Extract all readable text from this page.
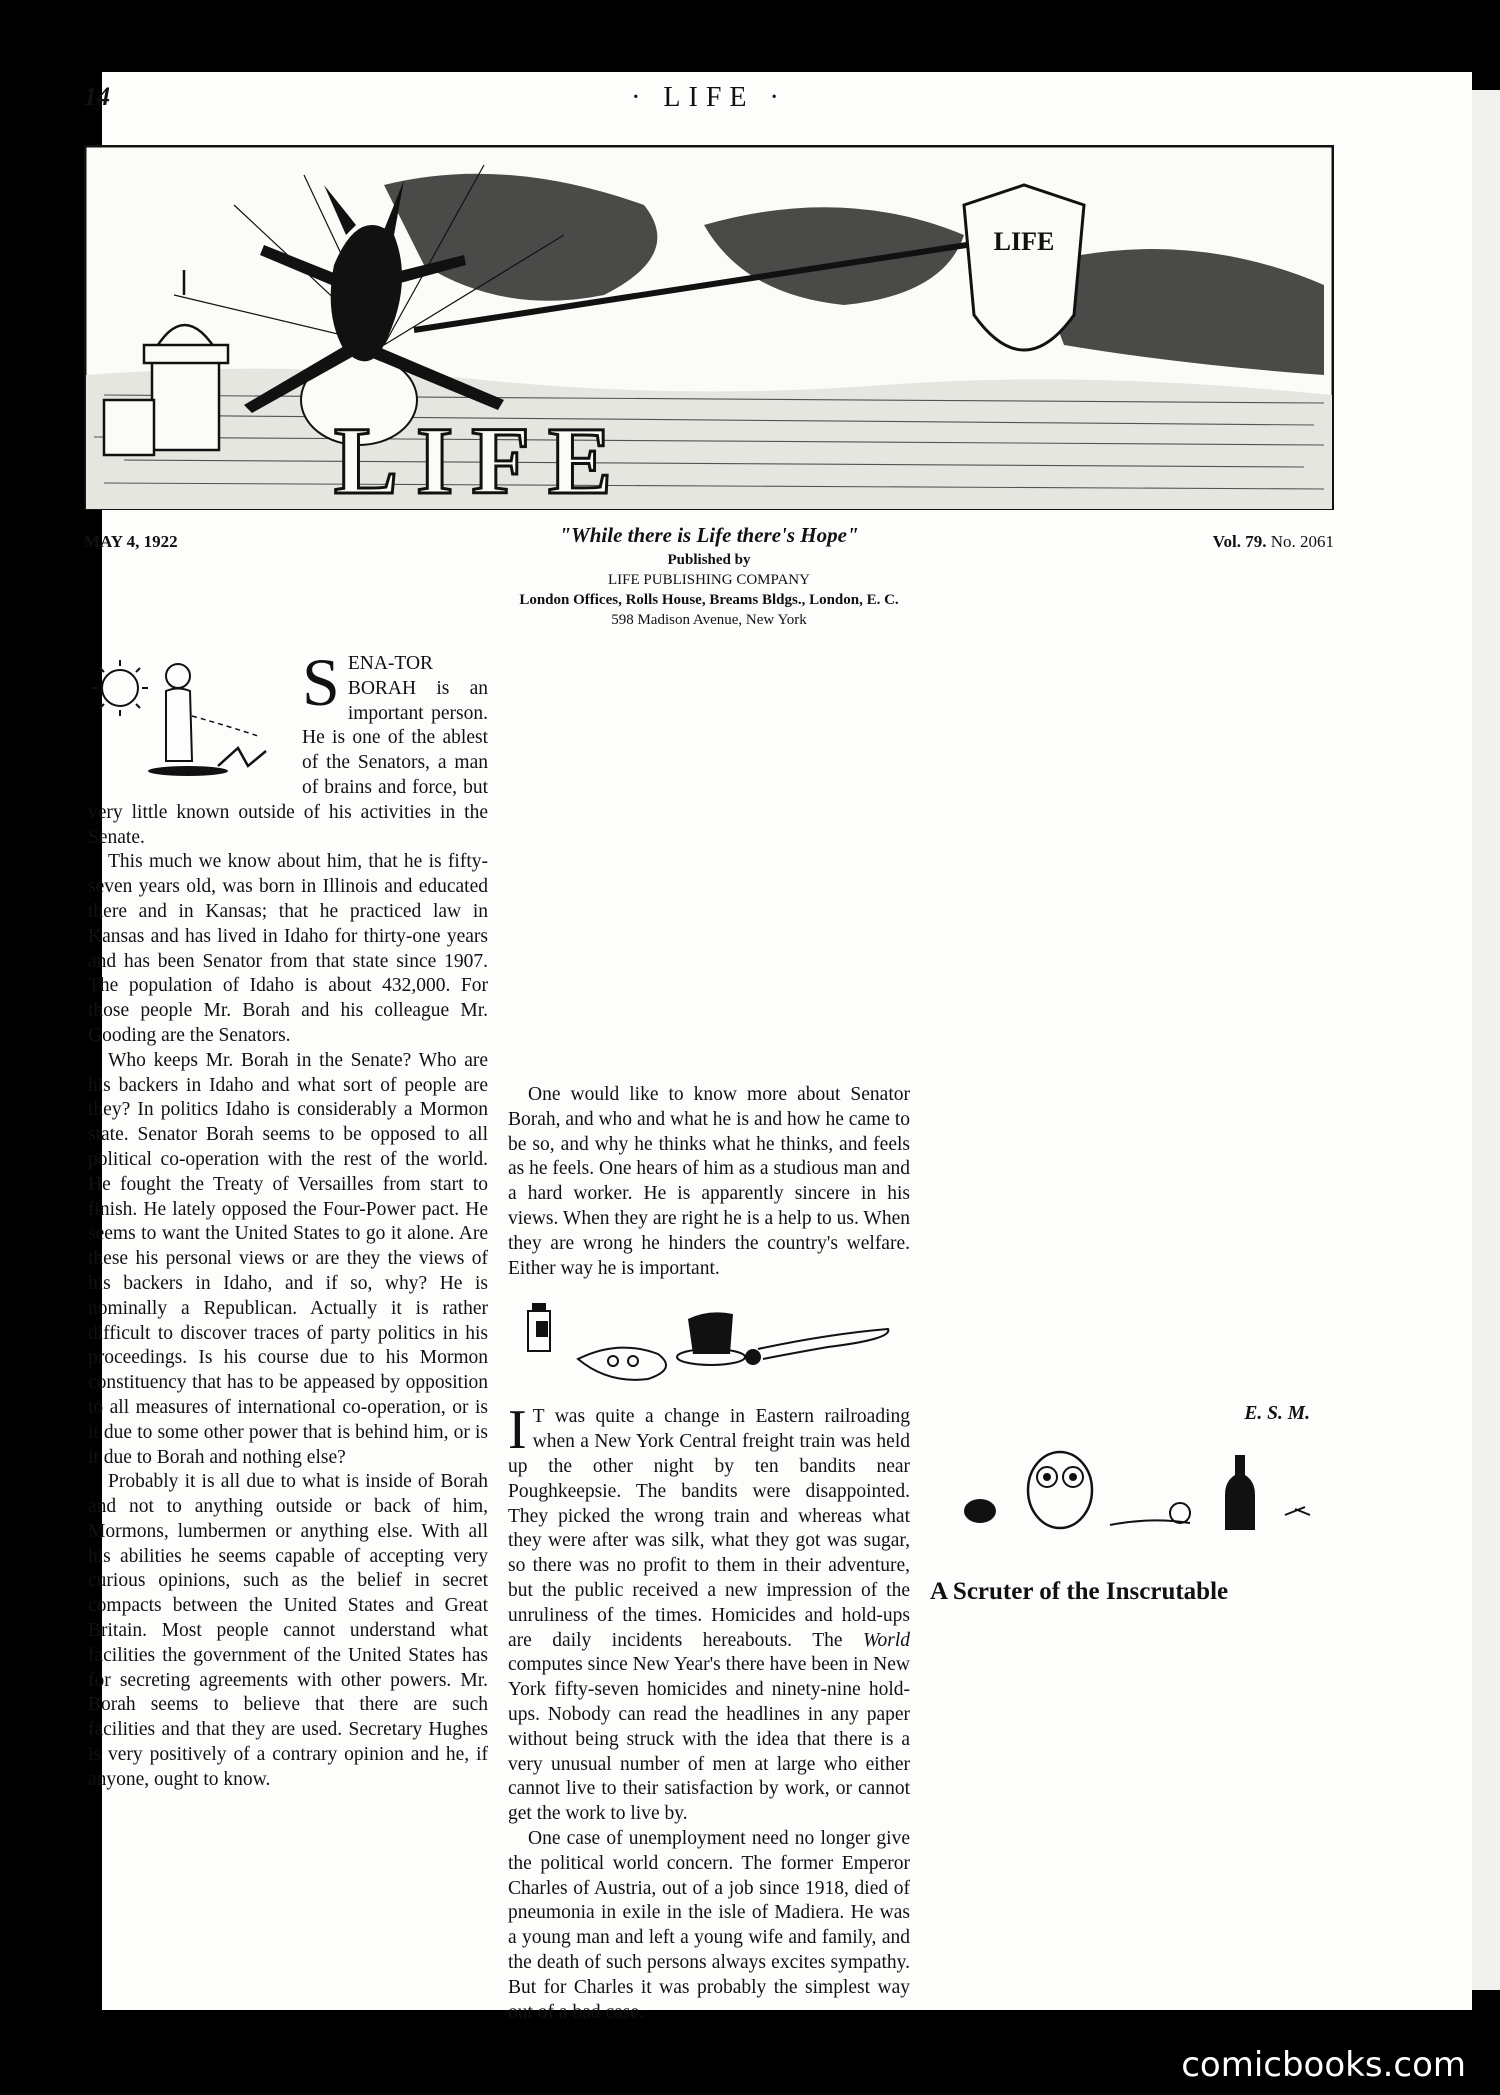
14	· LIFE ·
LIFE
LIFE
MAY 4, 1922	"While there is Life there's Hope"
Published by
LIFE PUBLISHING COMPANY
London Offices, Rolls House, Breams Bldgs., London, E. C.
598 Madison Avenue, New York
Vol. 79. No. 2061

SENA-TOR BORAH is an important person. He is one of the ablest of the Senators, a man of brains and force, but very little known outside of his activities in the Senate.

This much we know about him, that he is fifty-seven years old, was born in Illinois and educated there and in Kansas; that he practiced law in Kansas and has lived in Idaho for thirty-one years and has been Senator from that state since 1907. The population of Idaho is about 432,000. For those people Mr. Borah and his colleague Mr. Gooding are the Senators.

Who keeps Mr. Borah in the Senate? Who are his backers in Idaho and what sort of people are they? In politics Idaho is considerably a Mormon state. Senator Borah seems to be opposed to all political co-operation with the rest of the world. He fought the Treaty of Versailles from start to finish. He lately opposed the Four-Power pact. He seems to want the United States to go it alone. Are these his personal views or are they the views of his backers in Idaho, and if so, why? He is nominally a Republican. Actually it is rather difficult to discover traces of party politics in his proceedings. Is his course due to his Mormon constituency that has to be appeased by opposition to all measures of international co-operation, or is it due to some other power that is behind him, or is it due to Borah and nothing else?

Probably it is all due to what is inside of Borah and not to anything outside or back of him, Mormons, lumbermen or anything else. With all his abilities he seems capable of accepting very curious opinions, such as the belief in secret compacts between the United States and Great Britain. Most people cannot understand what facilities the government of the United States has for secreting agreements with other powers. Mr. Borah seems to believe that there are such facilities and that they are used. Secretary Hughes is very positively of a contrary opinion and he, if anyone, ought to know.

One would like to know more about Senator Borah, and who and what he is and how he came to be so, and why he thinks what he thinks, and feels as he feels. One hears of him as a studious man and a hard worker. He is apparently sincere in his views. When they are right he is a help to us. When they are wrong he hinders the country's welfare. Either way he is important.

I T was quite a change in Eastern railroading when a New York Central freight train was held up the other night by ten bandits near Poughkeepsie. The bandits were disappointed. They picked the wrong train and whereas what they were after was silk, what they got was sugar, so there was no profit to them in their adventure, but the public received a new impression of the unruliness of the times. Homicides and hold-ups are daily incidents hereabouts. The World computes since New Year's there have been in New York fifty-seven homicides and ninety-nine hold-ups. Nobody can read the headlines in any paper without being struck with the idea that there is a very unusual number of men at large who either cannot live to their satisfaction by work, or cannot get the work to live by.

One case of unemployment need no longer give the political world concern. The former Emperor Charles of Austria, out of a job since 1918, died of pneumonia in exile in the isle of Madiera. He was a young man and left a young wife and family, and the death of such persons always excites sympathy. But for Charles it was probably the simplest way out of a bad case.

E. S. M.
A Scruter of the Inscrutable
comicbooks.com
